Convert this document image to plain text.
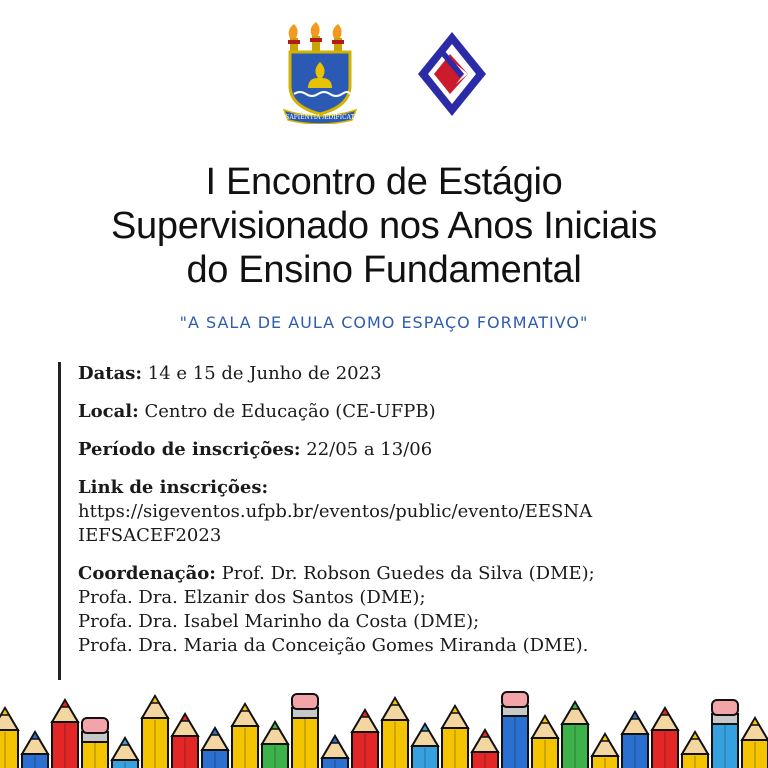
SAPIENTIA ÆDIFICAT
I Encontro de Estágio
Supervisionado nos Anos Iniciais
do Ensino Fundamental
"A SALA DE AULA COMO ESPAÇO FORMATIVO"

Datas: 14 e 15 de Junho de 2023

Local: Centro de Educação (CE-UFPB)

Período de inscrições: 22/05 a 13/06

Link de inscrições:

https://sigeventos.ufpb.br/eventos/public/evento/EESNA

IEFSACEF2023

Coordenação: Prof. Dr. Robson Guedes da Silva (DME);

Profa. Dra. Elzanir dos Santos (DME);

Profa. Dra. Isabel Marinho da Costa (DME);

Profa. Dra. Maria da Conceição Gomes Miranda (DME).
